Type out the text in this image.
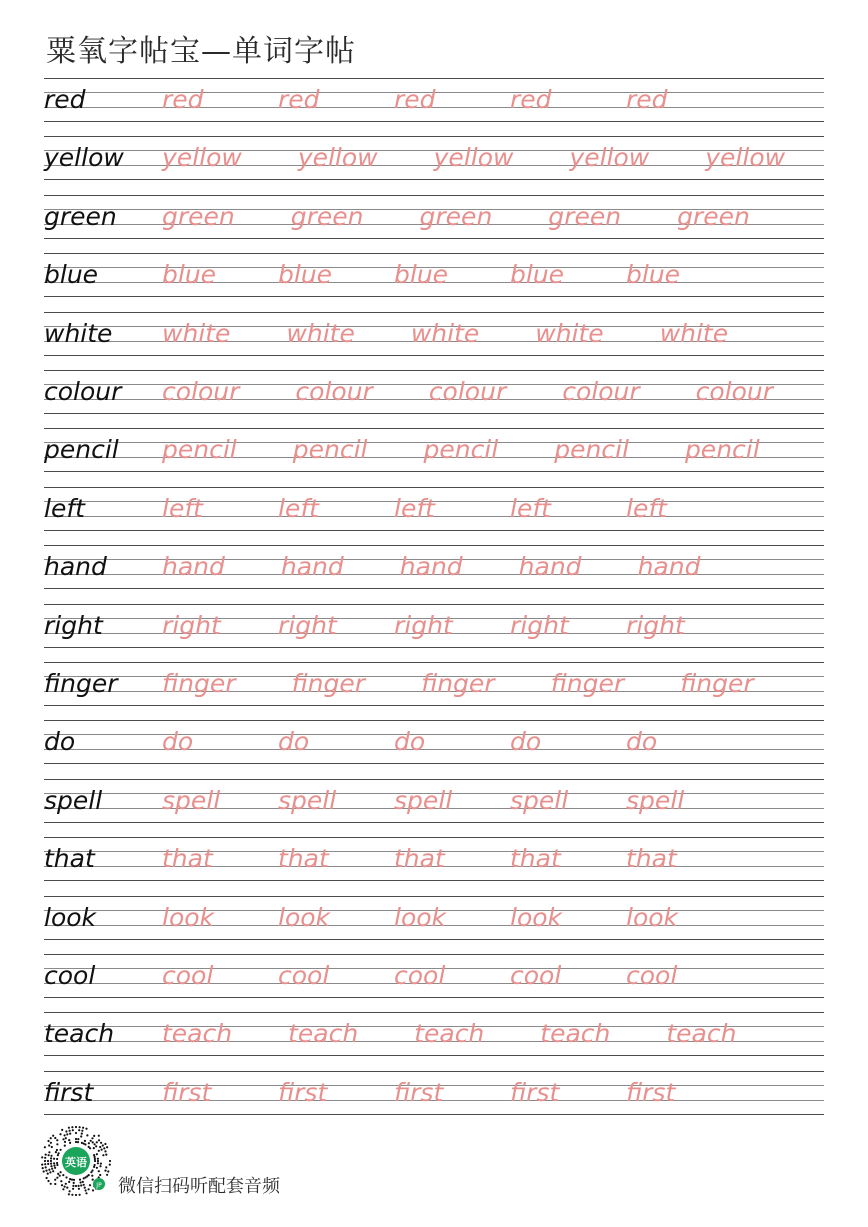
粟氧字帖宝—单词字帖
red	red	red	red	red	red
yellow yellow yellow yellow yellow yellow
green green green green green green
blue	blue blue blue blue blue
white white white white white white
colour colour colour colour colour colour
pencil pencil pencil pencil pencil pencil
left	left	left	left	left	left
hand hand hand hand hand hand
right right right right right right
finger finger finger finger finger finger
do	do	do	do	do	do
spell spell spell spell spell spell
that	that	that	that	that	that
look	look	look	look	look	look
cool	cool	cool	cool	cool	cool
teach teach teach teach teach teach
first	first	first	first	first	first
英语
JP 微信扫码听配套音频
